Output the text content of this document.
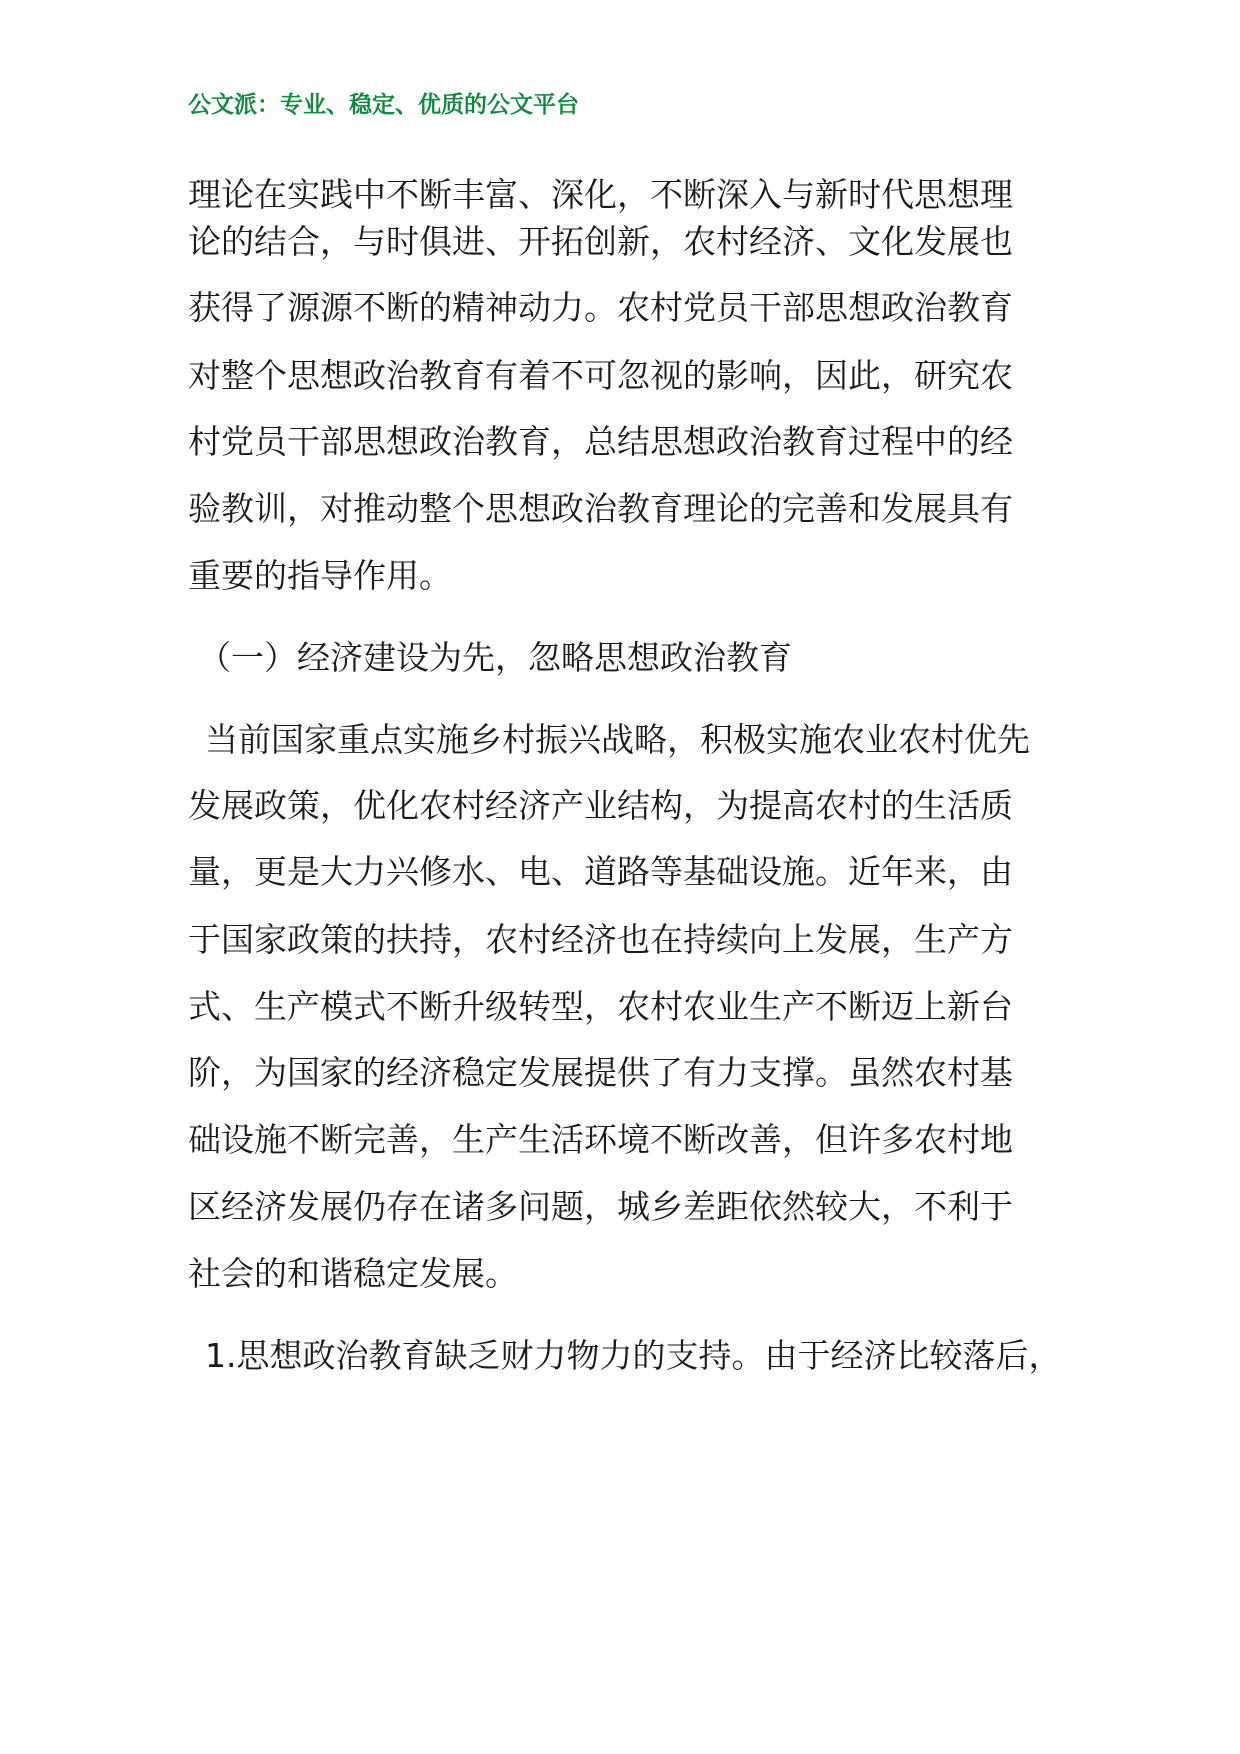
公文派：专业、稳定、优质的公文平台
理论在实践中不断丰富、深化，不断深入与新时代思想理
论的结合，与时俱进、开拓创新，农村经济、文化发展也
获得了源源不断的精神动力。农村党员干部思想政治教育
对整个思想政治教育有着不可忽视的影响，因此，研究农
村党员干部思想政治教育，总结思想政治教育过程中的经
验教训，对推动整个思想政治教育理论的完善和发展具有
重要的指导作用。
（一）经济建设为先，忽略思想政治教育
当前国家重点实施乡村振兴战略，积极实施农业农村优先
发展政策，优化农村经济产业结构，为提高农村的生活质
量，更是大力兴修水、电、道路等基础设施。近年来，由
于国家政策的扶持，农村经济也在持续向上发展，生产方
式、生产模式不断升级转型，农村农业生产不断迈上新台
阶，为国家的经济稳定发展提供了有力支撑。虽然农村基
础设施不断完善，生产生活环境不断改善，但许多农村地
区经济发展仍存在诸多问题，城乡差距依然较大，不利于
社会的和谐稳定发展。
1.思想政治教育缺乏财力物力的支持。由于经济比较落后，
